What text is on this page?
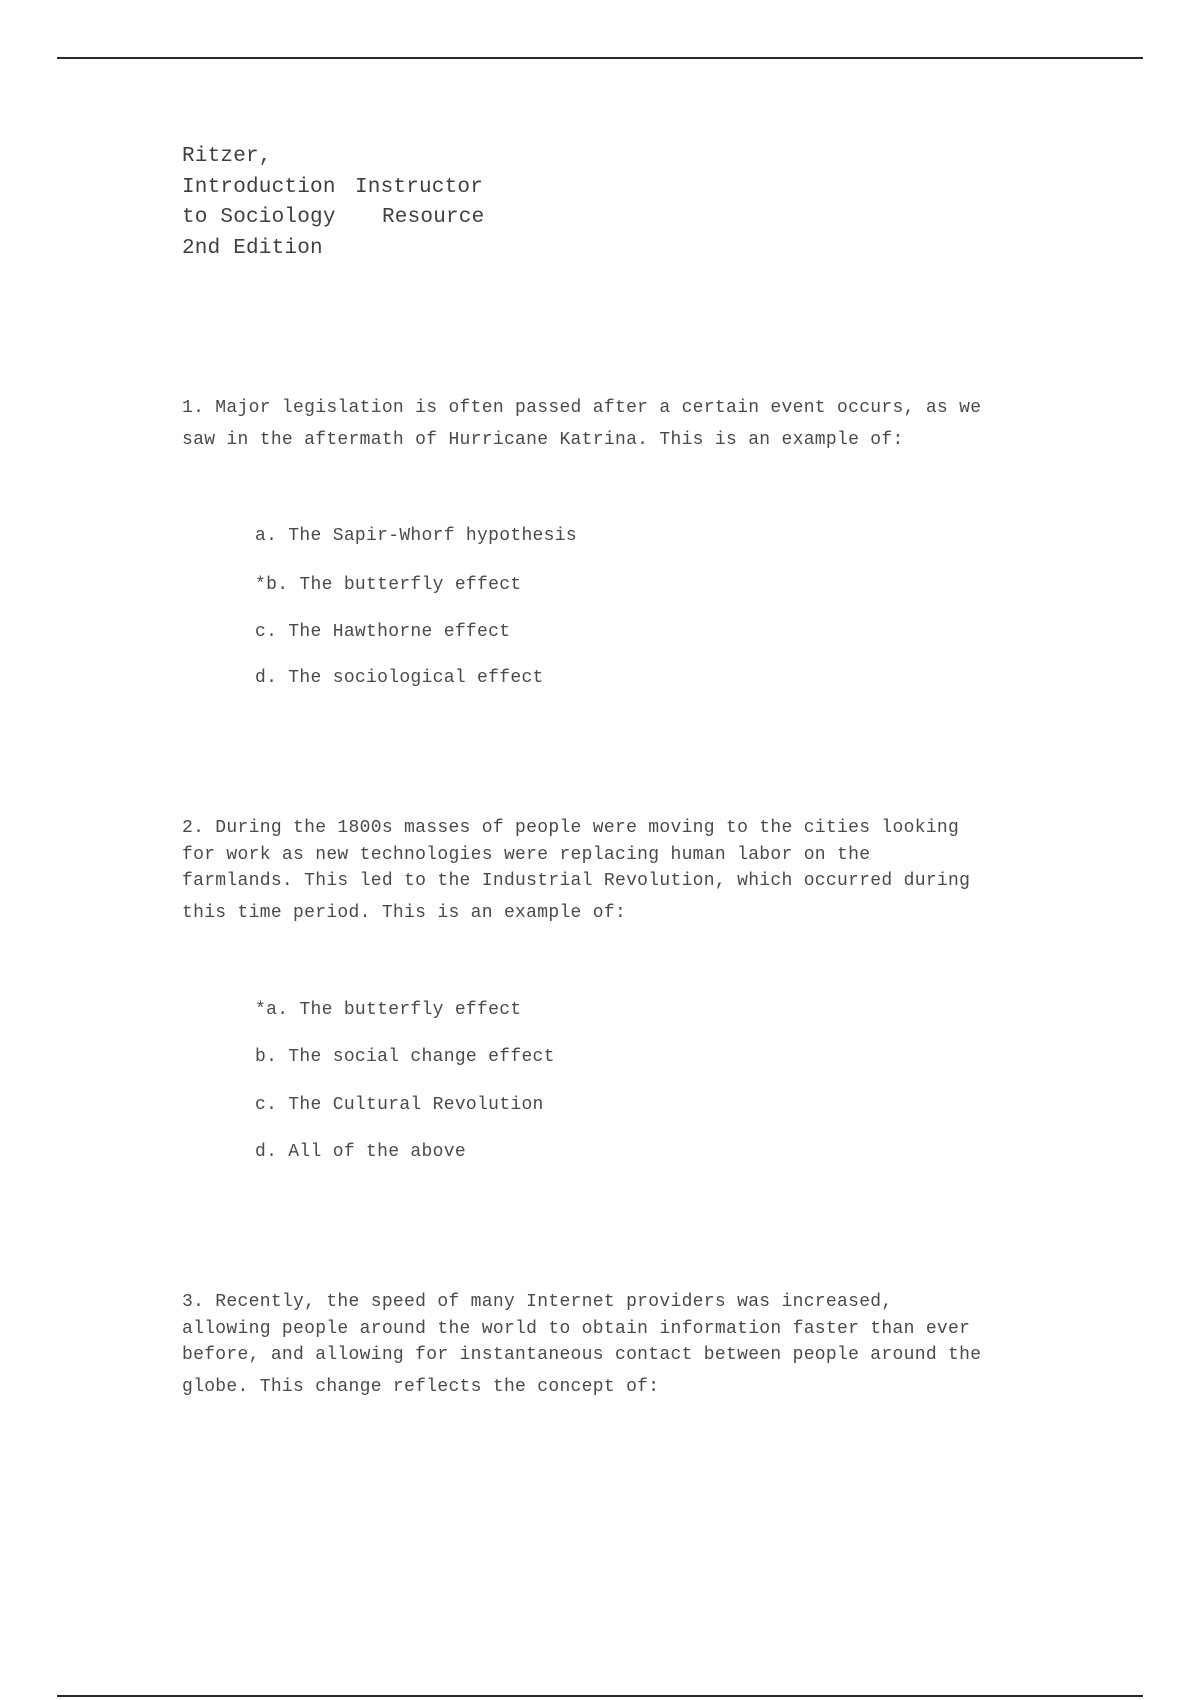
Ritzer,
Introduction
to Sociology
2nd Edition
Instructor
Resource
1. Major legislation is often passed after a certain event occurs, as we
saw in the aftermath of Hurricane Katrina. This is an example of:
a. The Sapir-Whorf hypothesis
*b. The butterfly effect
c. The Hawthorne effect
d. The sociological effect
2. During the 1800s masses of people were moving to the cities looking
for work as new technologies were replacing human labor on the
farmlands. This led to the Industrial Revolution, which occurred during
this time period. This is an example of:
*a. The butterfly effect
b. The social change effect
c. The Cultural Revolution
d. All of the above
3. Recently, the speed of many Internet providers was increased,
allowing people around the world to obtain information faster than ever
before, and allowing for instantaneous contact between people around the
globe. This change reflects the concept of:
